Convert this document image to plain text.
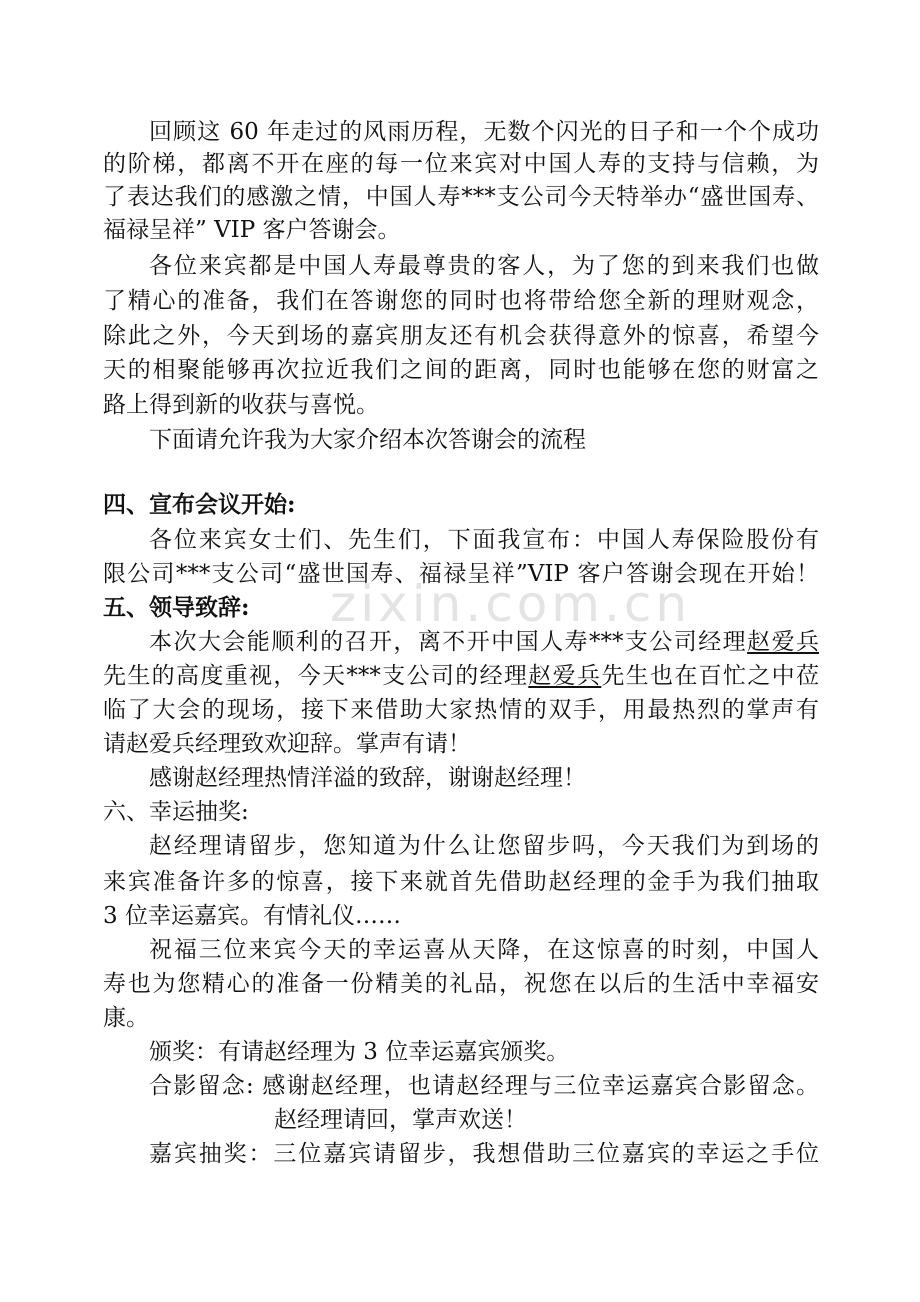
zixin.com.cn
回顾这 60 年走过的风雨历程，无数个闪光的日子和一个个成功
的阶梯，都离不开在座的每一位来宾对中国人寿的支持与信赖，为
了表达我们的感激之情，中国人寿***支公司今天特举办“盛世国寿、
福禄呈祥” VIP 客户答谢会。
各位来宾都是中国人寿最尊贵的客人，为了您的到来我们也做
了精心的准备，我们在答谢您的同时也将带给您全新的理财观念，
除此之外，今天到场的嘉宾朋友还有机会获得意外的惊喜，希望今
天的相聚能够再次拉近我们之间的距离，同时也能够在您的财富之
路上得到新的收获与喜悦。
下面请允许我为大家介绍本次答谢会的流程
四、宣布会议开始:
各位来宾女士们、先生们，下面我宣布：中国人寿保险股份有
限公司***支公司“盛世国寿、福禄呈祥”VIP 客户答谢会现在开始！
五、领导致辞:
本次大会能顺利的召开，离不开中国人寿***支公司经理赵爱兵
先生的高度重视，今天***支公司的经理赵爱兵先生也在百忙之中莅
临了大会的现场，接下来借助大家热情的双手，用最热烈的掌声有
请赵爱兵经理致欢迎辞。掌声有请！
感谢赵经理热情洋溢的致辞，谢谢赵经理！
六、幸运抽奖:
赵经理请留步，您知道为什么让您留步吗，今天我们为到场的
来宾准备许多的惊喜，接下来就首先借助赵经理的金手为我们抽取
3 位幸运嘉宾。有情礼仪……
祝福三位来宾今天的幸运喜从天降，在这惊喜的时刻，中国人
寿也为您精心的准备一份精美的礼品，祝您在以后的生活中幸福安
康。
颁奖：有请赵经理为 3 位幸运嘉宾颁奖。
合影留念: 感谢赵经理，也请赵经理与三位幸运嘉宾合影留念。
赵经理请回，掌声欢送！
嘉宾抽奖：三位嘉宾请留步，我想借助三位嘉宾的幸运之手位
